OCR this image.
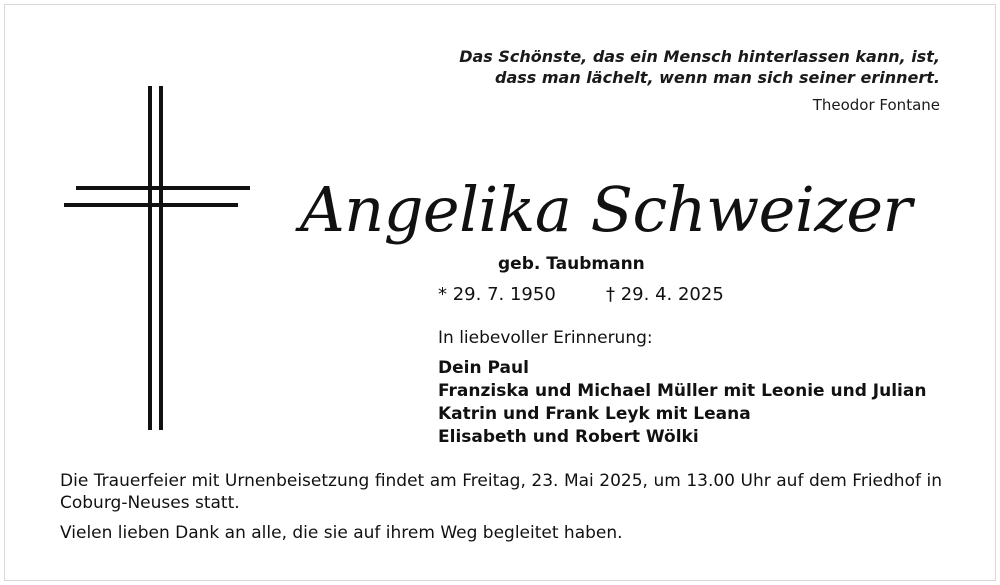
Das Schönste, das ein Mensch hinterlassen kann, ist,
dass man lächelt, wenn man sich seiner erinnert.
Theodor Fontane
Angelika Schweizer
geb. Taubmann
* 29. 7. 1950	† 29. 4. 2025
In liebevoller Erinnerung:
Dein Paul
Franziska und Michael Müller mit Leonie und Julian
Katrin und Frank Leyk mit Leana
Elisabeth und Robert Wölki
Die Trauerfeier mit Urnenbeisetzung findet am Freitag, 23. Mai 2025, um 13.00 Uhr auf dem Friedhof in Coburg-Neuses statt.
Vielen lieben Dank an alle, die sie auf ihrem Weg begleitet haben.
